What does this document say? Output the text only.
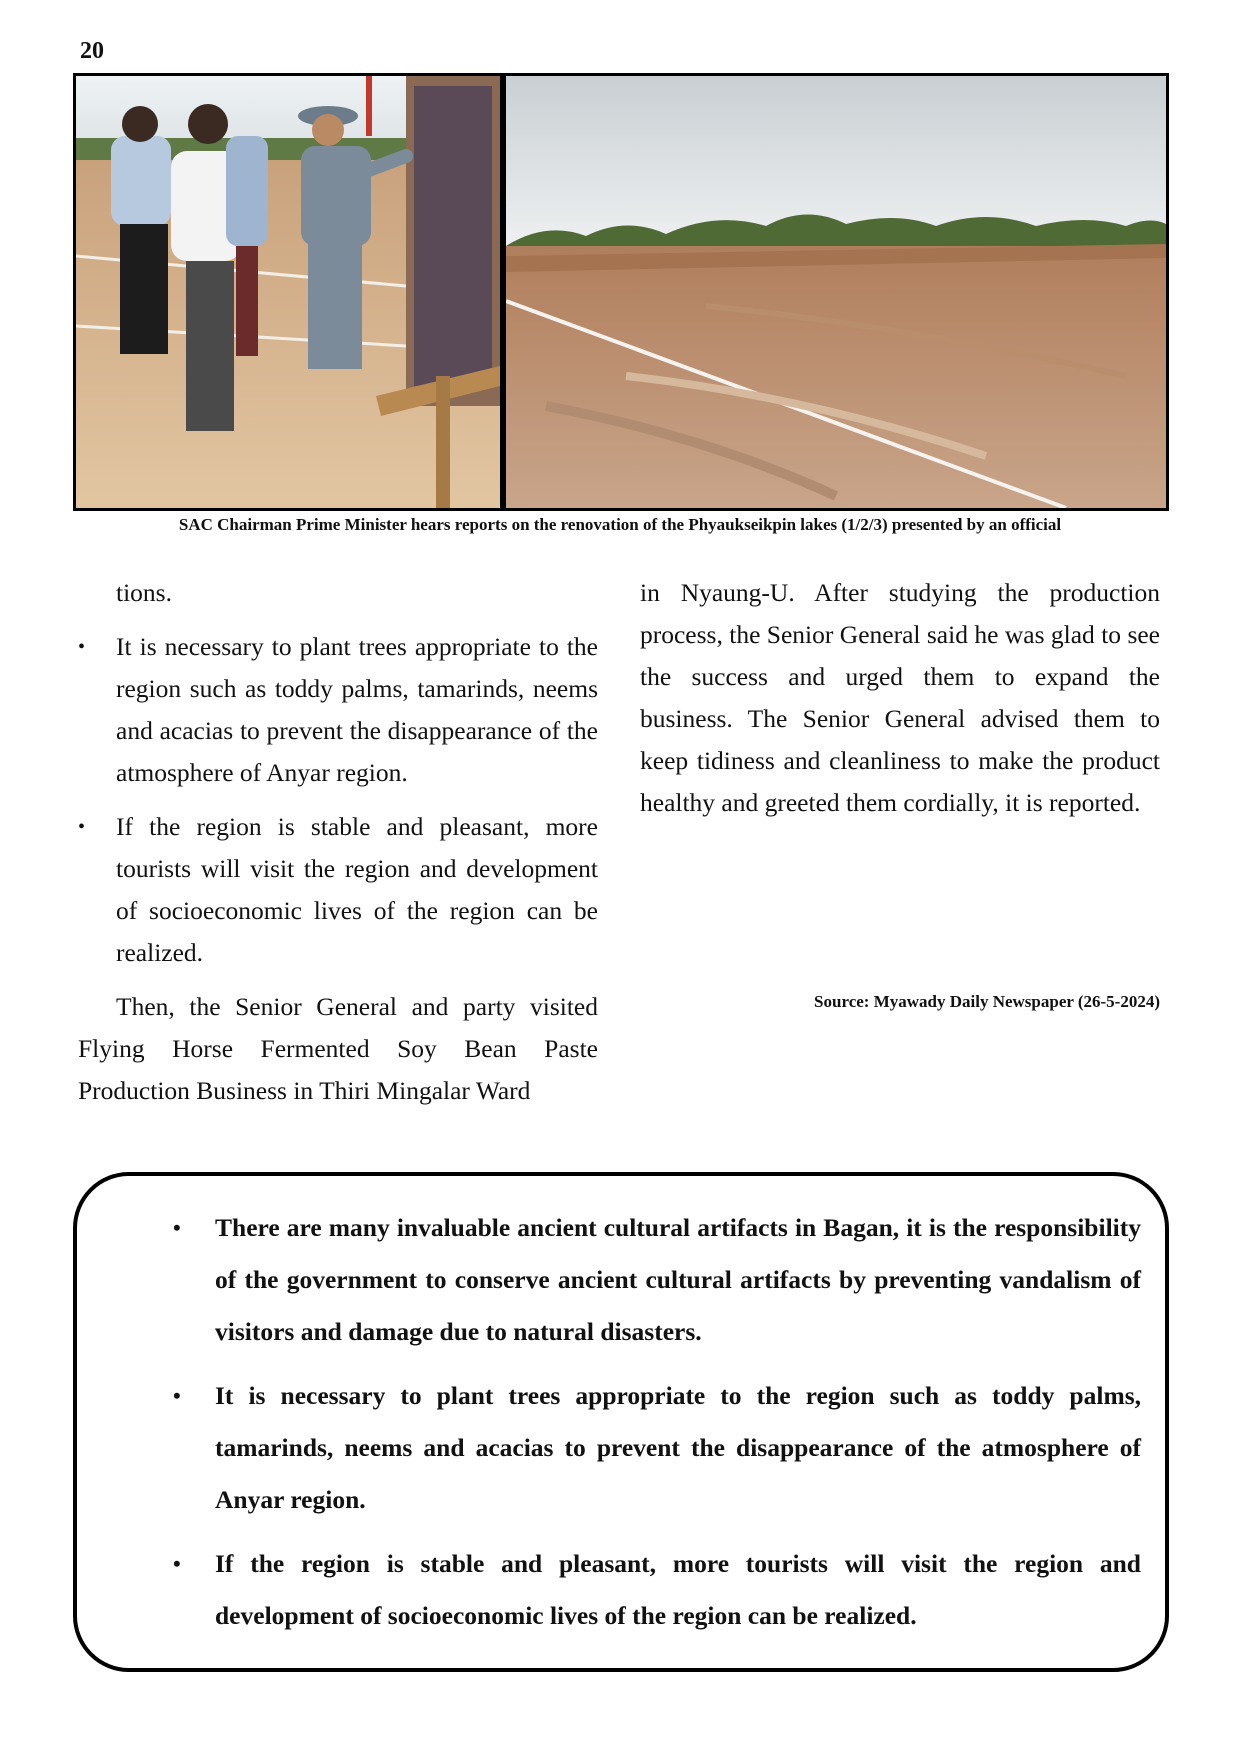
20
SAC Chairman Prime Minister hears reports on the renovation of the Phyaukseikpin lakes (1/2/3) presented by an official

tions.

•	It is necessary to plant trees appropriate to the region such as toddy palms, tamarinds, neems and acacias to prevent the disappearance of the atmosphere of Anyar region.

•	If the region is stable and pleasant, more tourists will visit the region and development of socioeconomic lives of the region can be realized.

Then, the Senior General and party visited Flying Horse Fermented Soy Bean Paste Production Business in Thiri Mingalar Ward

in Nyaung-U. After studying the production process, the Senior General said he was glad to see the success and urged them to expand the business. The Senior General advised them to keep tidiness and cleanliness to make the product healthy and greeted them cordially, it is reported.

Source: Myawady Daily Newspaper (26-5-2024)
• There are many invaluable ancient cultural artifacts in Bagan, it is the responsibility of the government to conserve ancient cultural artifacts by preventing vandalism of visitors and damage due to natural disasters.
• It is necessary to plant trees appropriate to the region such as toddy palms, tamarinds, neems and acacias to prevent the disappearance of the atmosphere of Anyar region.
• If the region is stable and pleasant, more tourists will visit the region and development of socioeconomic lives of the region can be realized.
